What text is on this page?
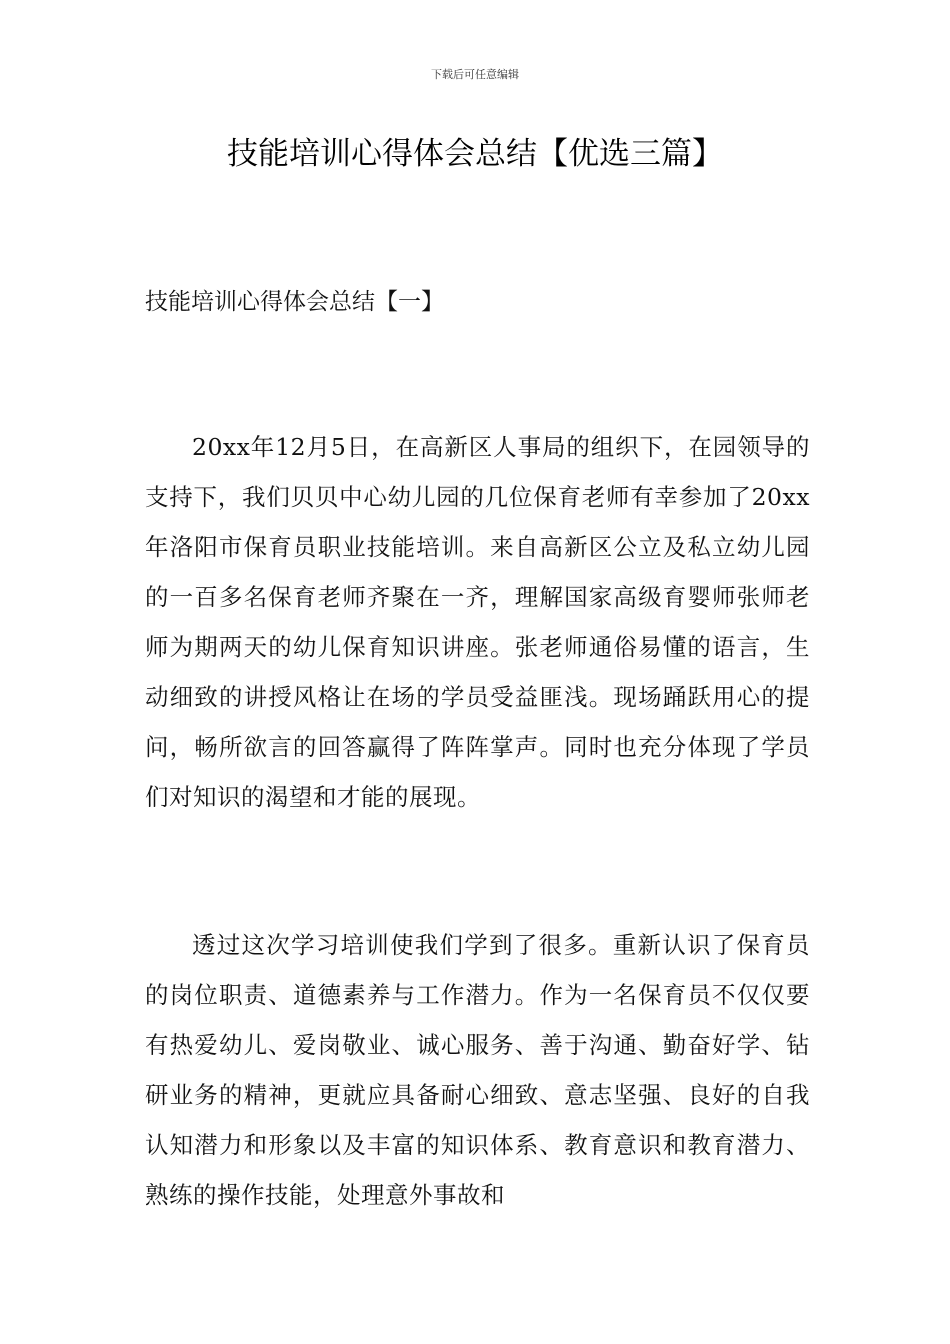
下载后可任意编辑
技能培训心得体会总结【优选三篇】
技能培训心得体会总结【一】

20xx年12月5日，在高新区人事局的组织下，在园领导的支持下，我们贝贝中心幼儿园的几位保育老师有幸参加了20xx年洛阳市保育员职业技能培训。来自高新区公立及私立幼儿园的一百多名保育老师齐聚在一齐，理解国家高级育婴师张师老师为期两天的幼儿保育知识讲座。张老师通俗易懂的语言，生动细致的讲授风格让在场的学员受益匪浅。现场踊跃用心的提问，畅所欲言的回答赢得了阵阵掌声。同时也充分体现了学员们对知识的渴望和才能的展现。

透过这次学习培训使我们学到了很多。重新认识了保育员的岗位职责、道德素养与工作潜力。作为一名保育员不仅仅要有热爱幼儿、爱岗敬业、诚心服务、善于沟通、勤奋好学、钻研业务的精神，更就应具备耐心细致、意志坚强、良好的自我认知潜力和形象以及丰富的知识体系、教育意识和教育潜力、熟练的操作技能，处理意外事故和
